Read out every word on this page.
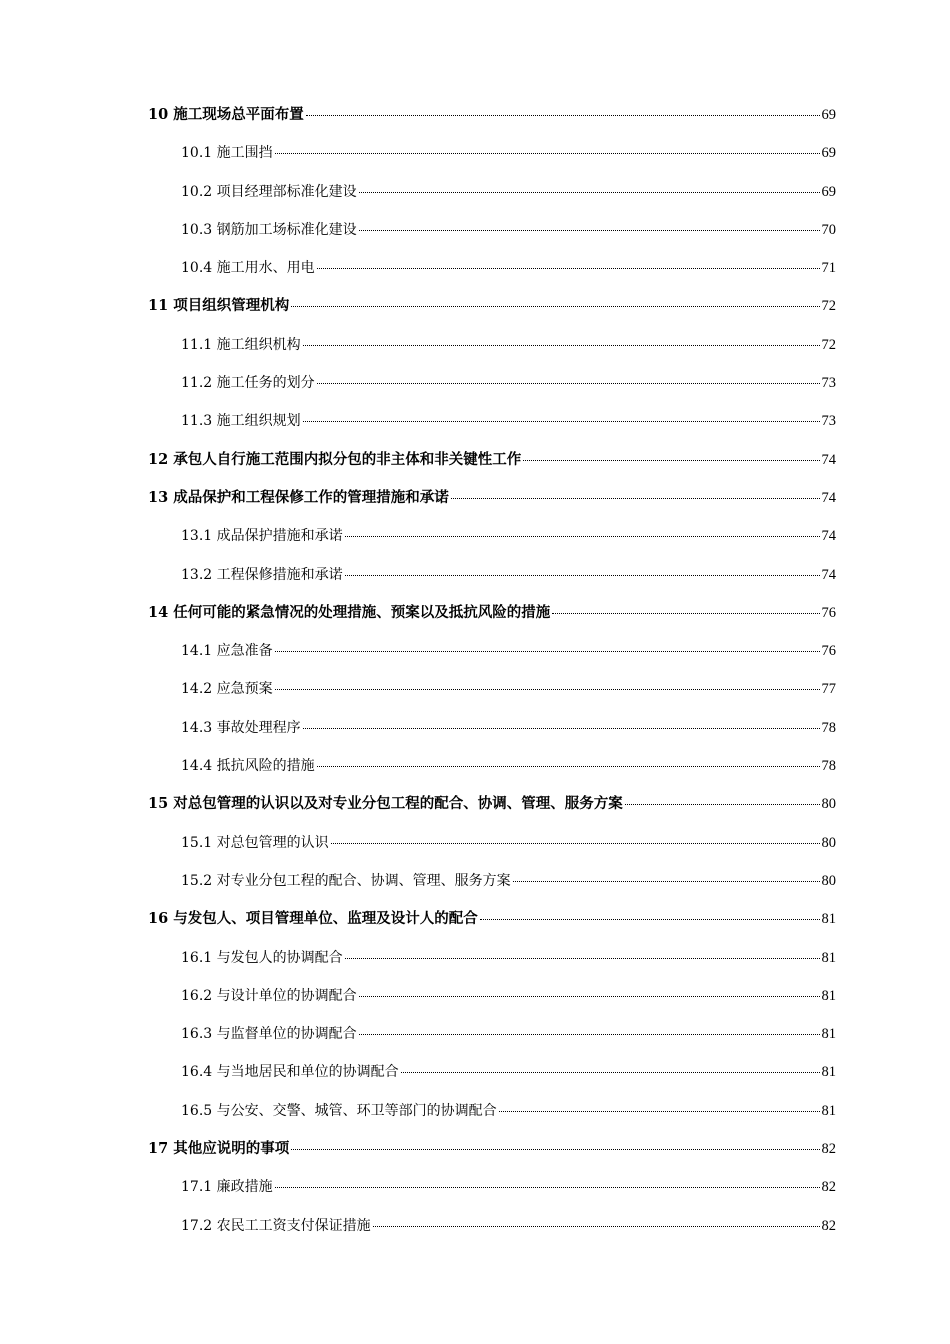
10 施工现场总平面布置	69
10.1 施工围挡	69
10.2 项目经理部标准化建设	69
10.3 钢筋加工场标准化建设	70
10.4 施工用水、用电	71
11 项目组织管理机构	72
11.1 施工组织机构	72
11.2 施工任务的划分	73
11.3 施工组织规划	73
12 承包人自行施工范围内拟分包的非主体和非关键性工作	74
13 成品保护和工程保修工作的管理措施和承诺	74
13.1 成品保护措施和承诺	74
13.2 工程保修措施和承诺	74
14 任何可能的紧急情况的处理措施、预案以及抵抗风险的措施	76
14.1 应急准备	76
14.2 应急预案	77
14.3 事故处理程序	78
14.4 抵抗风险的措施	78
15 对总包管理的认识以及对专业分包工程的配合、协调、管理、服务方案	80
15.1 对总包管理的认识	80
15.2 对专业分包工程的配合、协调、管理、服务方案	80
16 与发包人、项目管理单位、监理及设计人的配合	81
16.1 与发包人的协调配合	81
16.2 与设计单位的协调配合	81
16.3 与监督单位的协调配合	81
16.4 与当地居民和单位的协调配合	81
16.5 与公安、交警、城管、环卫等部门的协调配合	81
17 其他应说明的事项	82
17.1 廉政措施	82
17.2 农民工工资支付保证措施	82
